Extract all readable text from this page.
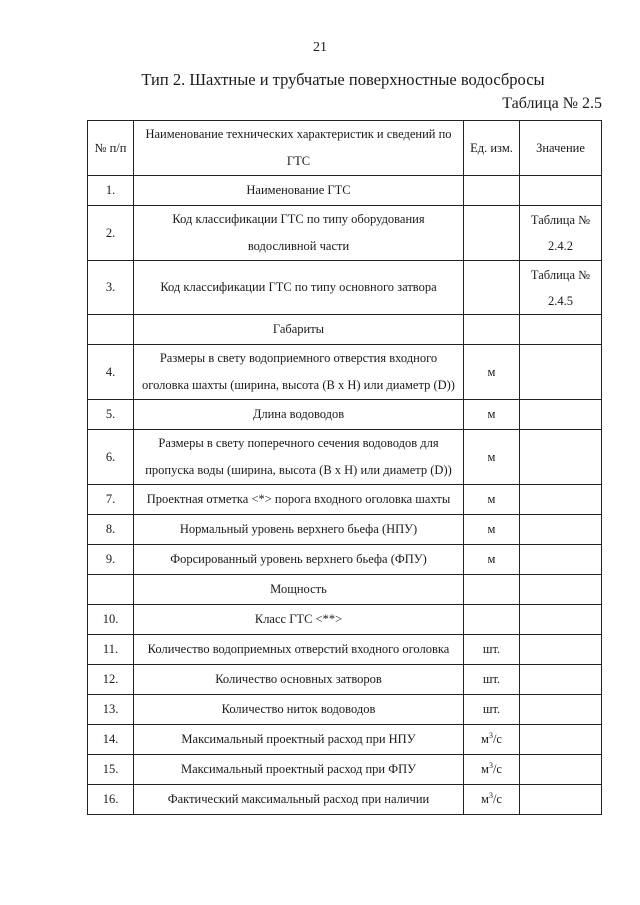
21
Тип 2. Шахтные и трубчатые поверхностные водосбросы
Таблица № 2.5
№ п/п	Наименование технических характеристик и сведений по ГТС	Ед. изм.	Значение
1.	Наименование ГТС		
2.	Код классификации ГТС по типу оборудования водосливной части		Таблица № 2.4.2
3.	Код классификации ГТС по типу основного затвора		Таблица № 2.4.5
	Габариты		
4.	Размеры в свету водоприемного отверстия входного оголовка шахты (ширина, высота (В x Н) или диаметр (D))	м	
5.	Длина водоводов	м	
6.	Размеры в свету поперечного сечения водоводов для пропуска воды (ширина, высота (В x Н) или диаметр (D))	м	
7.	Проектная отметка <*> порога входного оголовка шахты	м	
8.	Нормальный уровень верхнего бьефа (НПУ)	м	
9.	Форсированный уровень верхнего бьефа (ФПУ)	м	
	Мощность		
10.	Класс ГТС <**>		
11.	Количество водоприемных отверстий входного оголовка	шт.	
12.	Количество основных затворов	шт.	
13.	Количество ниток водоводов	шт.	
14.	Максимальный проектный расход при НПУ	$м^3/с$	
15.	Максимальный проектный расход при ФПУ	$м^3/с$	
16.	Фактический максимальный расход при наличии	$м^3/с$	
